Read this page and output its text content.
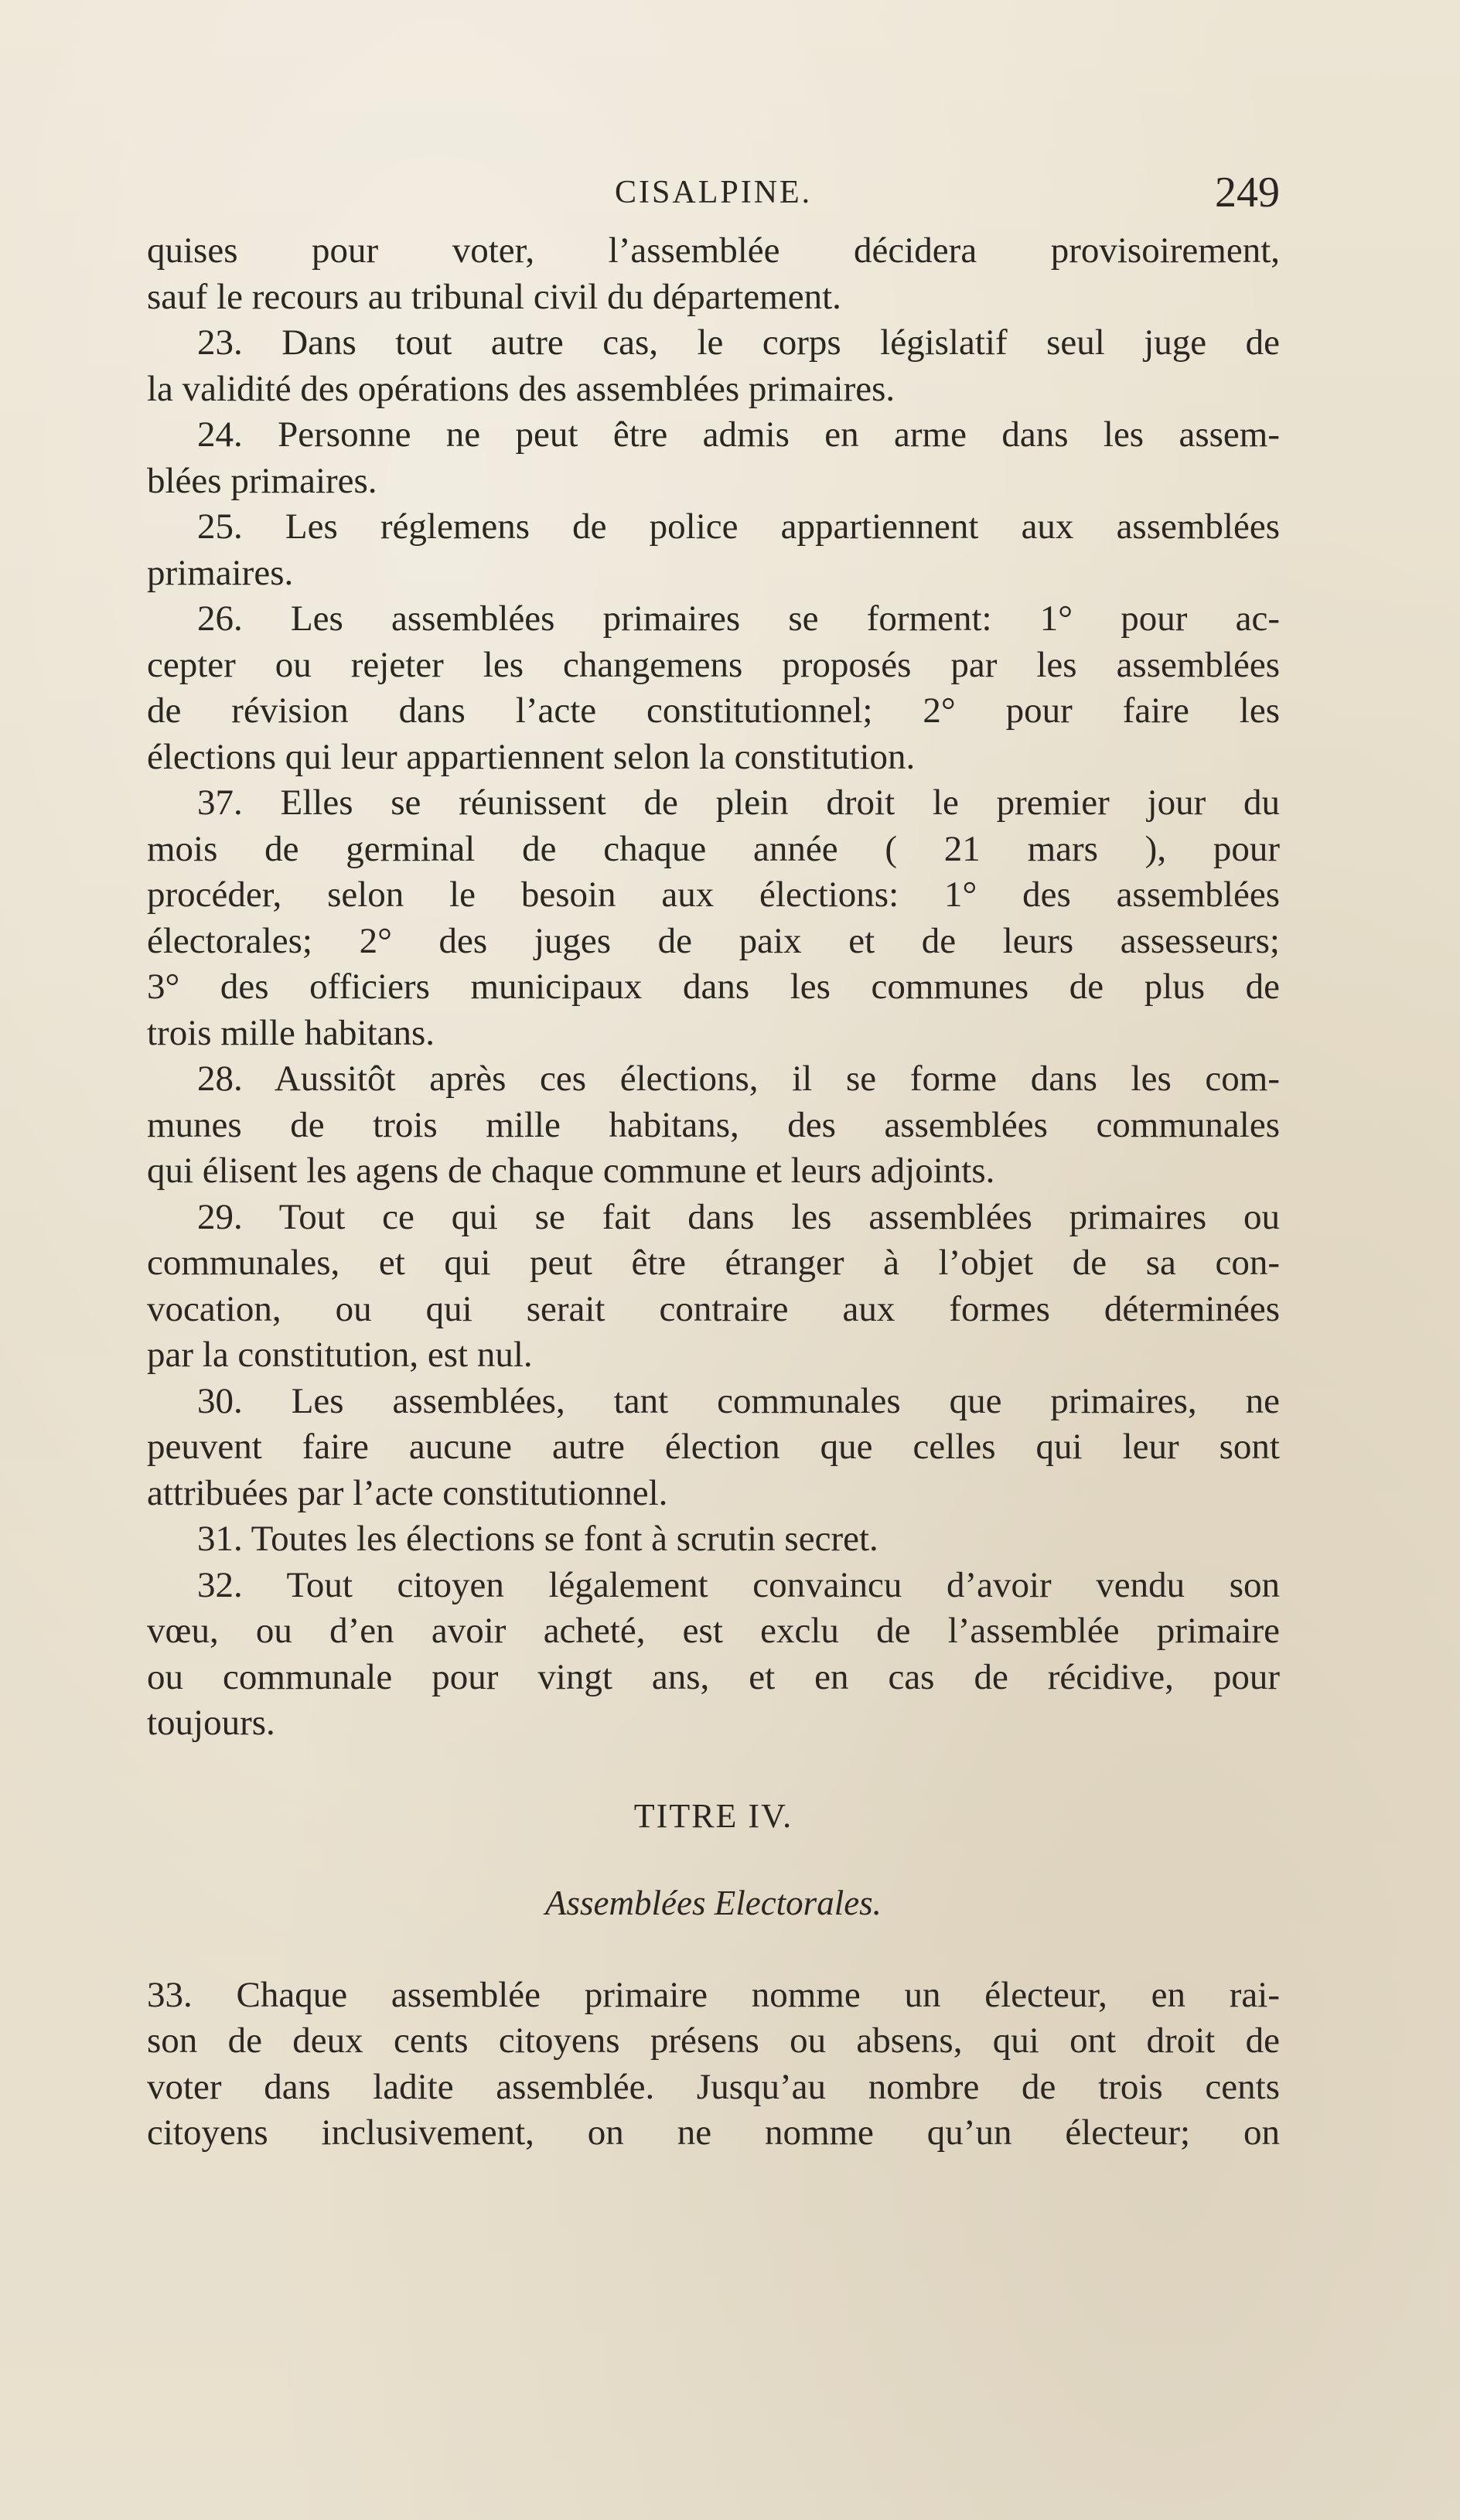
CISALPINE.	249
quises pour voter, l’assemblée décidera provisoirement,
sauf le recours au tribunal civil du département.
23. Dans tout autre cas, le corps législatif seul juge de
la validité des opérations des assemblées primaires.
24. Personne ne peut être admis en arme dans les assem-
blées primaires.
25. Les réglemens de police appartiennent aux assemblées
primaires.
26. Les assemblées primaires se forment: 1° pour ac-
cepter ou rejeter les changemens proposés par les assemblées
de révision dans l’acte constitutionnel; 2° pour faire les
élections qui leur appartiennent selon la constitution.
37. Elles se réunissent de plein droit le premier jour du
mois de germinal de chaque année ( 21 mars ), pour
procéder, selon le besoin aux élections: 1° des assemblées
électorales; 2° des juges de paix et de leurs assesseurs;
3° des officiers municipaux dans les communes de plus de
trois mille habitans.
28. Aussitôt après ces élections, il se forme dans les com-
munes de trois mille habitans, des assemblées communales
qui élisent les agens de chaque commune et leurs adjoints.
29. Tout ce qui se fait dans les assemblées primaires ou
communales, et qui peut être étranger à l’objet de sa con-
vocation, ou qui serait contraire aux formes déterminées
par la constitution, est nul.
30. Les assemblées, tant communales que primaires, ne
peuvent faire aucune autre élection que celles qui leur sont
attribuées par l’acte constitutionnel.
31. Toutes les élections se font à scrutin secret.
32. Tout citoyen légalement convaincu d’avoir vendu son
vœu, ou d’en avoir acheté, est exclu de l’assemblée primaire
ou communale pour vingt ans, et en cas de récidive, pour
toujours.
TITRE IV.
Assemblées Electorales.
33. Chaque assemblée primaire nomme un électeur, en rai-
son de deux cents citoyens présens ou absens, qui ont droit de
voter dans ladite assemblée. Jusqu’au nombre de trois cents
citoyens inclusivement, on ne nomme qu’un électeur; on
